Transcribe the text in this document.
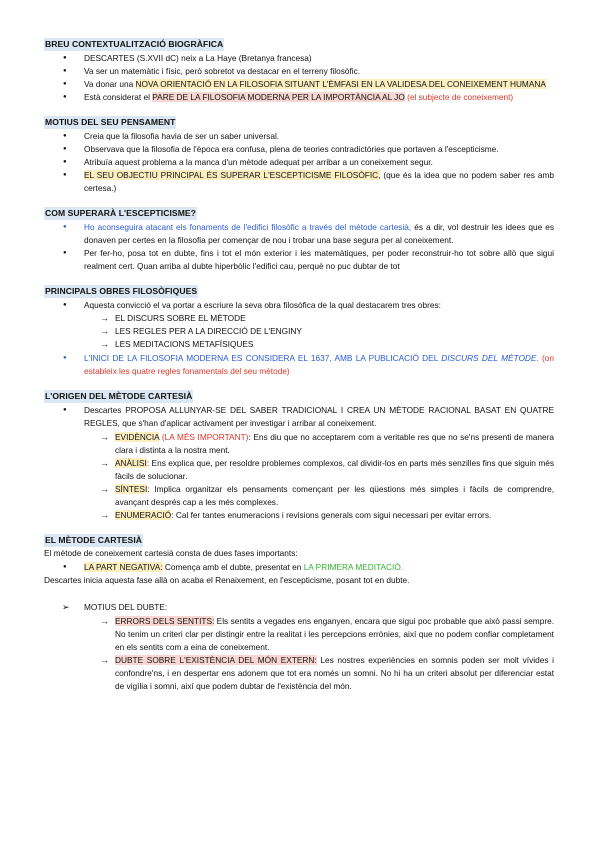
BREU CONTEXTUALITZACIÓ BIOGRÀFICA
● DESCARTES (S.XVII dC) neix a La Haye (Bretanya francesa)
● Va ser un matemàtic i físic, però sobretot va destacar en el terreny filosòfic.
● Va donar una NOVA ORIENTACIÓ EN LA FILOSOFIA SITUANT L'ÈMFASI EN LA VALIDESA DEL CONEIXEMENT HUMANA
● Està considerat el PARE DE LA FILOSOFIA MODERNA PER LA IMPORTÀNCIA AL JO (el subjecte de coneixement)
MOTIUS DEL SEU PENSAMENT
● Creia que la filosofia havia de ser un saber universal.
● Observava que la filosofia de l'època era confusa, plena de teories contradictòries que portaven a l'escepticisme.
● Atribuïa aquest problema a la manca d'un mètode adequat per arribar a un coneixement segur.
● EL SEU OBJECTIU PRINCIPAL ÉS SUPERAR L'ESCEPTICISME FILOSÒFIC, (que és la idea que no podem saber res amb certesa.)
COM SUPERARÀ L'ESCEPTICISME?
● Ho aconseguira atacant els fonaments de l'edifici filosòfic a través del mètode cartesià, és a dir, vol destruir les idees que es donaven per certes en la filosofia per començar de nou i trobar una base segura per al coneixement.
● Per fer-ho, posa tot en dubte, fins i tot el món exterior i les matemàtiques, per poder reconstruir-ho tot sobre allò que sigui realment cert. Quan arriba al dubte hiperbòlic l'edifici cau, perquè no puc dubtar de tot
PRINCIPALS OBRES FILOSÒFIQUES
● Aquesta convicció el va portar a escriure la seva obra filosòfica de la qual destacarem tres obres:
→ EL DISCURS SOBRE EL MÈTODE
→ LES REGLES PER A LA DIRECCIÓ DE L'ENGINY
→ LES MEDITACIONS METAFÍSIQUES
● L'INICI DE LA FILOSOFIA MODERNA ES CONSIDERA EL 1637, AMB LA PUBLICACIÓ DEL DISCURS DEL MÈTODE. (on estableix les quatre regles fonamentals del seu mètode)
L'ORIGEN DEL MÈTODE CARTESIÀ
● Descartes PROPOSA ALLUNYAR-SE DEL SABER TRADICIONAL I CREA UN MÈTODE RACIONAL BASAT EN QUATRE REGLES, que s'han d'aplicar activament per investigar i arribar al coneixement.
→ EVIDÈNCIA (LA MÉS IMPORTANT): Ens diu que no acceptarem com a veritable res que no se'ns presenti de manera clara i distinta a la nostra ment.
→ ANÀLISI: Ens explica que, per resoldre problemes complexos, cal dividir-los en parts més senzilles fins que siguin més fàcils de solucionar.
→ SÍNTESI: Implica organitzar els pensaments començant per les qüestions més simples i fàcils de comprendre, avançant després cap a les més complexes.
→ ENUMERACIÓ: Cal fer tantes enumeracions i revisions generals com sigui necessari per evitar errors.
EL MÈTODE CARTESIÀ

El mètode de coneixement cartesià consta de dues fases importants:

● LA PART NEGATIVA: Comença amb el dubte, presentat en LA PRIMERA MEDITACIÓ.

Descartes inicia aquesta fase allà on acaba el Renaixement, en l'escepticisme, posant tot en dubte.

➢ MOTIUS DEL DUBTE:
→ ERRORS DELS SENTITS: Els sentits a vegades ens enganyen, encara que sigui poc probable que això passi sempre. No tenim un criteri clar per distingir entre la realitat i les percepcions errònies, així que no podem confiar completament en els sentits com a eina de coneixement.
→ DUBTE SOBRE L'EXISTÈNCIA DEL MÓN EXTERN: Les nostres experiències en somnis poden ser molt vívides i confondre'ns, i en despertar ens adonem que tot era només un somni. No hi ha un criteri absolut per diferenciar estat de vigília i somni, així que podem dubtar de l'existència del món.
